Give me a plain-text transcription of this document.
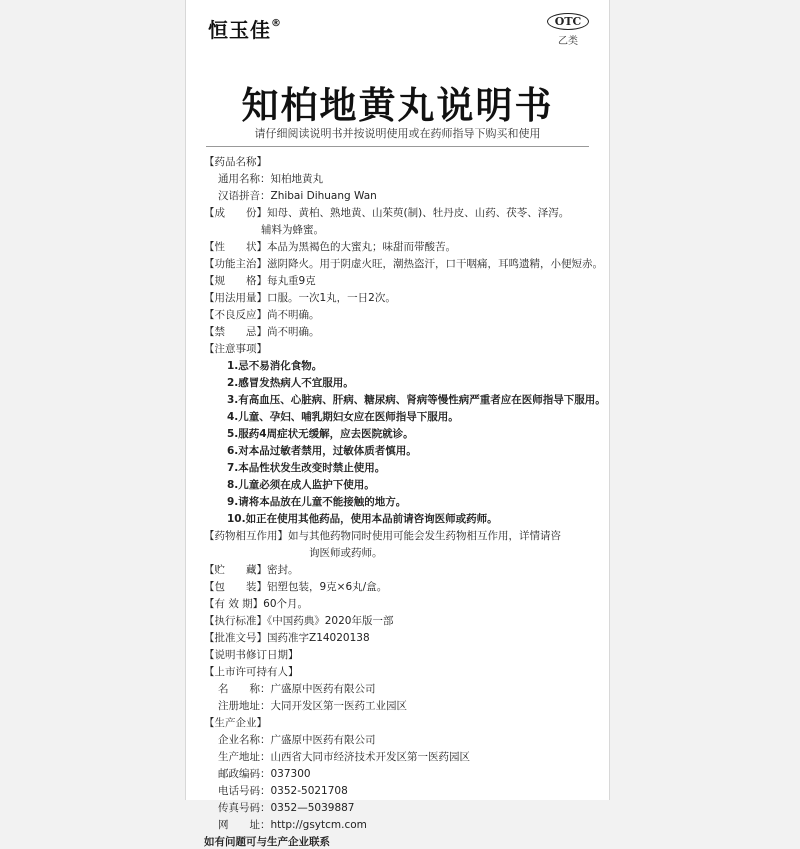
恒玉佳®	OTC
乙类
知柏地黄丸说明书
请仔细阅读说明书并按说明使用或在药师指导下购买和使用
【药品名称】
通用名称：知柏地黄丸
汉语拼音：Zhibai Dihuang Wan
【成　　份】知母、黄柏、熟地黄、山茱萸(制)、牡丹皮、山药、茯苓、泽泻。
辅料为蜂蜜。
【性　　状】本品为黑褐色的大蜜丸；味甜而带酸苦。
【功能主治】滋阴降火。用于阴虚火旺，潮热盗汗，口干咽痛，耳鸣遗精，小便短赤。
【规　　格】每丸重9克
【用法用量】口服。一次1丸，一日2次。
【不良反应】尚不明确。
【禁　　忌】尚不明确。
【注意事项】
1.忌不易消化食物。
2.感冒发热病人不宜服用。
3.有高血压、心脏病、肝病、糖尿病、肾病等慢性病严重者应在医师指导下服用。
4.儿童、孕妇、哺乳期妇女应在医师指导下服用。
5.服药4周症状无缓解，应去医院就诊。
6.对本品过敏者禁用，过敏体质者慎用。
7.本品性状发生改变时禁止使用。
8.儿童必须在成人监护下使用。
9.请将本品放在儿童不能接触的地方。
10.如正在使用其他药品，使用本品前请咨询医师或药师。
【药物相互作用】如与其他药物同时使用可能会发生药物相互作用，详情请咨
询医师或药师。
【贮　　藏】密封。
【包　　装】铝塑包装，9克×6丸/盒。
【有 效 期】60个月。
【执行标准】《中国药典》2020年版一部
【批准文号】国药准字Z14020138
【说明书修订日期】
【上市许可持有人】
名　　称：广盛原中医药有限公司
注册地址：大同开发区第一医药工业园区
【生产企业】
企业名称：广盛原中医药有限公司
生产地址：山西省大同市经济技术开发区第一医药园区
邮政编码：037300
电话号码：0352-5021708
传真号码：0352—5039887
网　　址：http://gsytcm.com
如有问题可与生产企业联系
